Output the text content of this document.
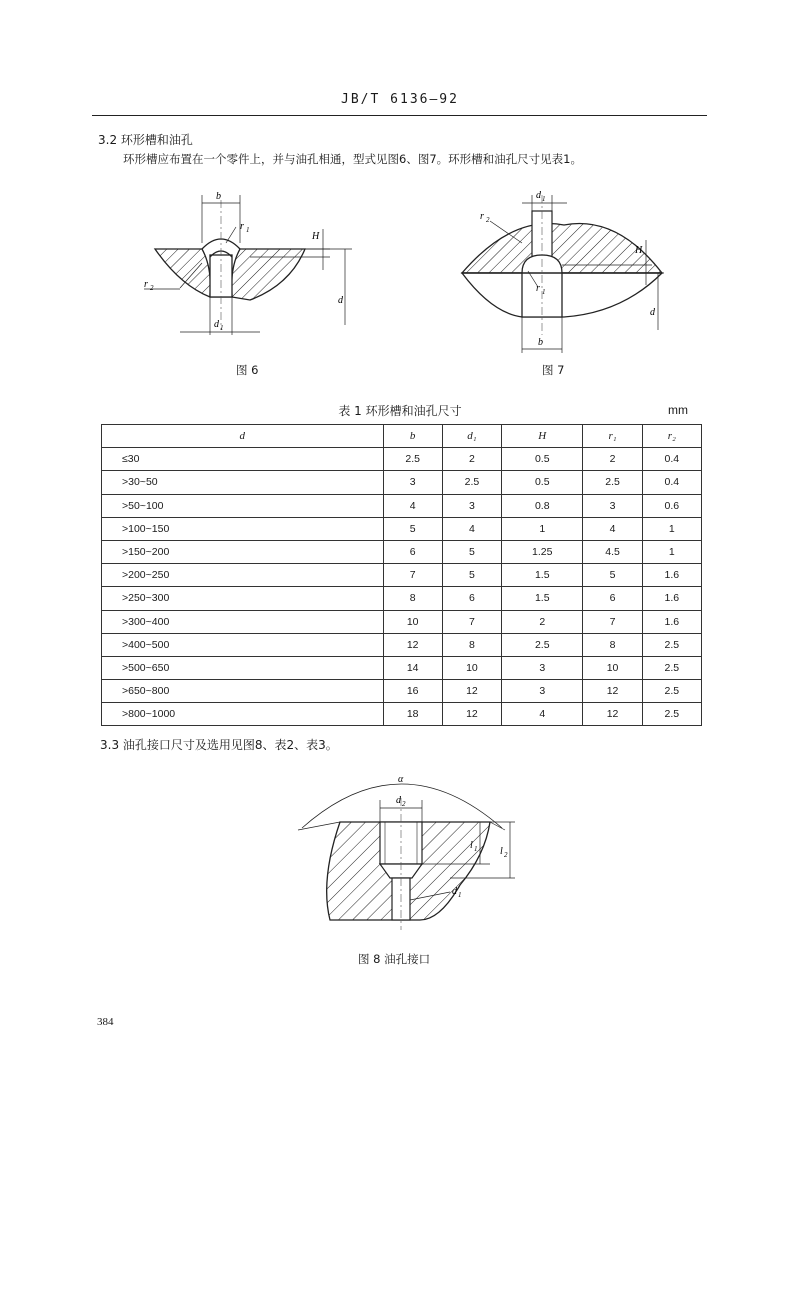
JB/T 6136—92
3.2 环形槽和油孔
环形槽应布置在一个零件上，并与油孔相通，型式见图6、图7。环形槽和油孔尺寸见表1。
b
r 1
H
d
r 2
d 1
图 6
d 1
r 2
r 1
H
d
b
图 7
表 1 环形槽和油孔尺寸	mm
d	b	d₁	H	r₁	r₂
≤30	2.5	2	0.5	2	0.4
>30~50	3	2.5	0.5	2.5	0.4
>50~100	4	3	0.8	3	0.6
>100~150	5	4	1	4	1
>150~200	6	5	1.25	4.5	1
>200~250	7	5	1.5	5	1.6
>250~300	8	6	1.5	6	1.6
>300~400	10	7	2	7	1.6
>400~500	12	8	2.5	8	2.5
>500~650	14	10	3	10	2.5
>650~800	16	12	3	12	2.5
>800~1000	18	12	4	12	2.5
3.3 油孔接口尺寸及选用见图8、表2、表3。
α
d 2
l 1 l 2
d 1
图 8 油孔接口
384
